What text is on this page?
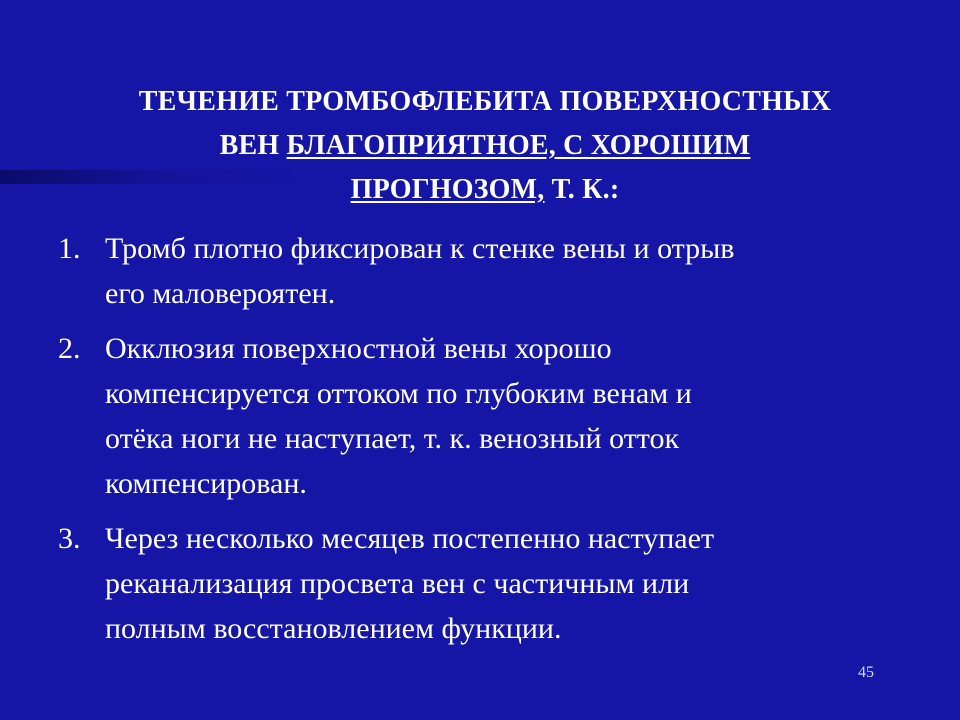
ТЕЧЕНИЕ ТРОМБОФЛЕБИТА ПОВЕРХНОСТНЫХ
ВЕН БЛАГОПРИЯТНОЕ, С ХОРОШИМ
ПРОГНОЗОМ, Т. К.:
1. Тромб плотно фиксирован к стенке вены и отрыв
его маловероятен.
2. Окклюзия поверхностной вены хорошо
компенсируется оттоком по глубоким венам и
отёка ноги не наступает, т. к. венозный отток
компенсирован.
3. Через несколько месяцев постепенно наступает
реканализация просвета вен с частичным или
полным восстановлением функции.
45
